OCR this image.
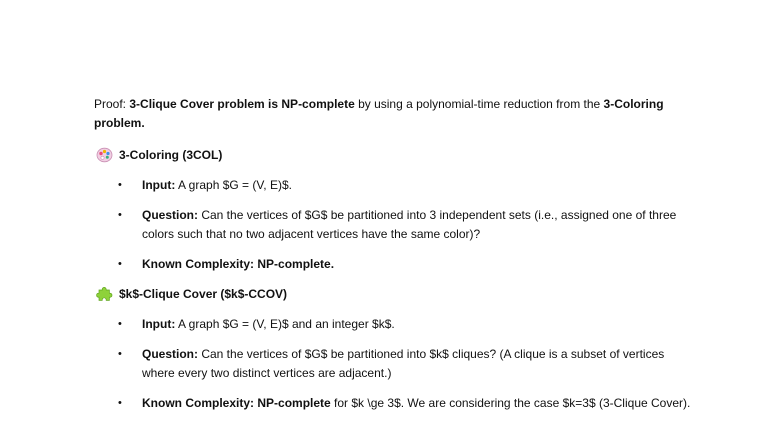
Proof: 3-Clique Cover problem is NP-complete by using a polynomial-time reduction from the 3-Coloring problem.
3-Coloring (3COL)
•	Input: A graph $G = (V, E)$.
•	Question: Can the vertices of $G$ be partitioned into 3 independent sets (i.e., assigned one of three colors such that no two adjacent vertices have the same color)?
•	Known Complexity: NP-complete.
$k$-Clique Cover ($k$-CCOV)
•	Input: A graph $G = (V, E)$ and an integer $k$.
•	Question: Can the vertices of $G$ be partitioned into $k$ cliques? (A clique is a subset of vertices where every two distinct vertices are adjacent.)
•	Known Complexity: NP-complete for $k \ge 3$. We are considering the case $k=3$ (3-Clique Cover).
